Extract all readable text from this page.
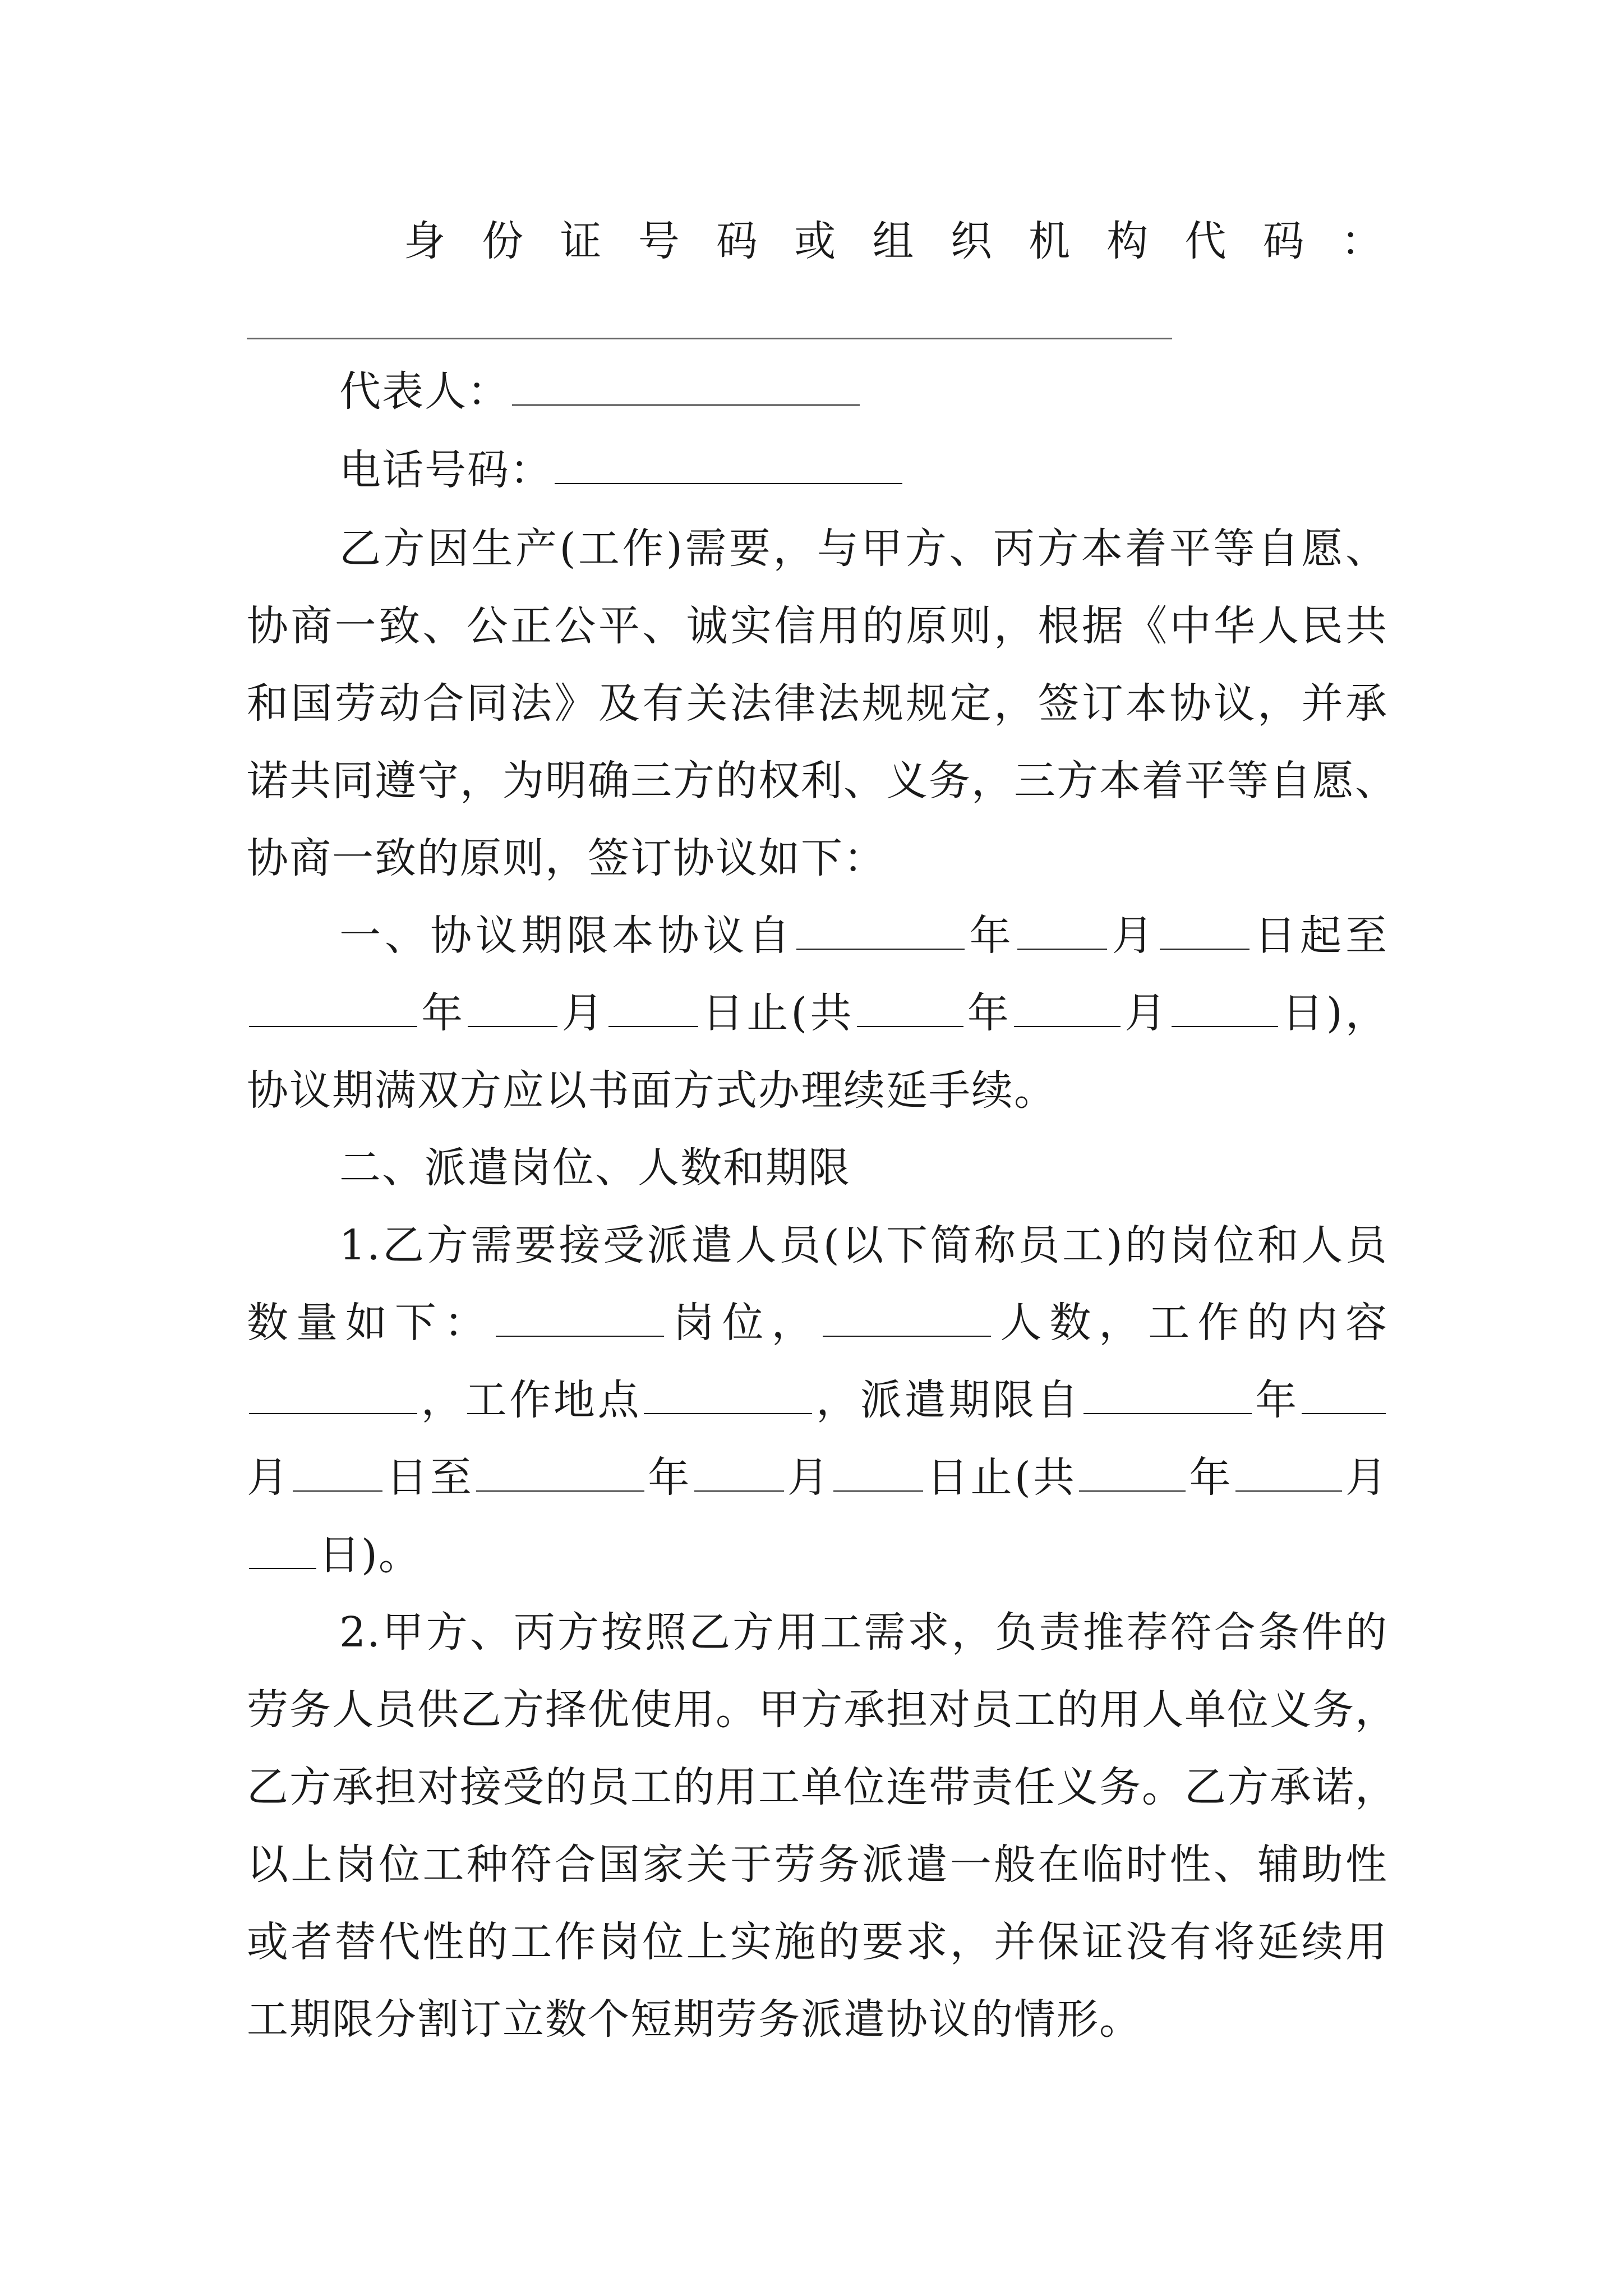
身份证号码或组织机构代码：
代表人：
电话号码：
乙方因生产(工作)需要，与甲方、丙方本着平等自愿、
协商一致、公正公平、诚实信用的原则，根据《中华人民共
和国劳动合同法》及有关法律法规规定，签订本协议，并承
诺共同遵守，为明确三方的权利、义务，三方本着平等自愿、
协商一致的原则，签订协议如下：
一、协议期限本协议自	年 月 日起至
年 月 日止(共	年	月	日)，
协议期满双方应以书面方式办理续延手续。
二、派遣岗位、人数和期限
1.乙方需要接受派遣人员(以下简称员工)的岗位和人员
数量如下：	岗位，	人数，工作的内容
，工作地点	，派遣期限自	年
月 日至	年 月 日止(共	年	月
日)。
2.甲方、丙方按照乙方用工需求，负责推荐符合条件的
劳务人员供乙方择优使用。甲方承担对员工的用人单位义务，
乙方承担对接受的员工的用工单位连带责任义务。乙方承诺，
以上岗位工种符合国家关于劳务派遣一般在临时性、辅助性
或者替代性的工作岗位上实施的要求，并保证没有将延续用
工期限分割订立数个短期劳务派遣协议的情形。
